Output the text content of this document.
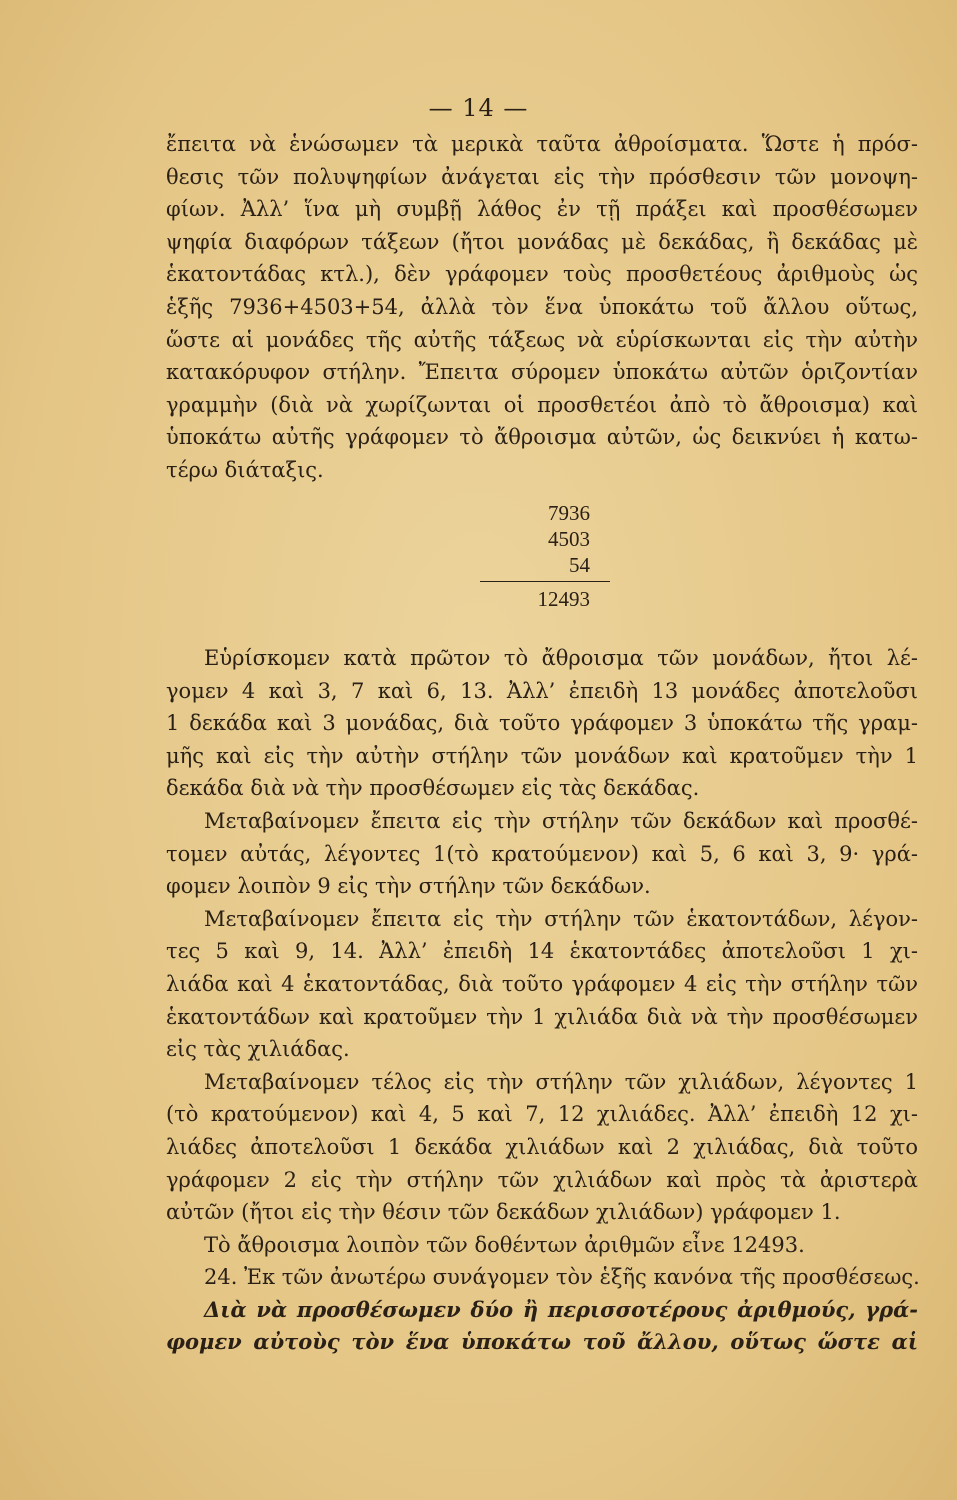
— 14 —
ἔπειτα νὰ ἑνώσωμεν τὰ μερικὰ ταῦτα ἀθροίσματα. Ὥστε ἡ πρόσ-
θεσις τῶν πολυψηφίων ἀνάγεται εἰς τὴν πρόσθεσιν τῶν μονοψη-
φίων. Ἀλλ’ ἵνα μὴ συμβῇ λάθος ἐν τῇ πράξει καὶ προσθέσωμεν
ψηφία διαφόρων τάξεων (ἤτοι μονάδας μὲ δεκάδας, ἢ δεκάδας μὲ
ἑκατοντάδας κτλ.), δὲν γράφομεν τοὺς προσθετέους ἀριθμοὺς ὡς
ἑξῆς 7936+4503+54, ἀλλὰ τὸν ἕνα ὑποκάτω τοῦ ἄλλου οὕτως,
ὥστε αἱ μονάδες τῆς αὐτῆς τάξεως νὰ εὑρίσκωνται εἰς τὴν αὐτὴν
κατακόρυφον στήλην. Ἔπειτα σύρομεν ὑποκάτω αὐτῶν ὁριζοντίαν
γραμμὴν (διὰ νὰ χωρίζωνται οἱ προσθετέοι ἀπὸ τὸ ἄθροισμα) καὶ
ὑποκάτω αὐτῆς γράφομεν τὸ ἄθροισμα αὐτῶν, ὡς δεικνύει ἡ κατω-
τέρω διάταξις.
7936
4503
54
12493
Εὑρίσκομεν κατὰ πρῶτον τὸ ἄθροισμα τῶν μονάδων, ἤτοι λέ-
γομεν 4 καὶ 3, 7 καὶ 6, 13. Ἀλλ’ ἐπειδὴ 13 μονάδες ἀποτελοῦσι
1 δεκάδα καὶ 3 μονάδας, διὰ τοῦτο γράφομεν 3 ὑποκάτω τῆς γραμ-
μῆς καὶ εἰς τὴν αὐτὴν στήλην τῶν μονάδων καὶ κρατοῦμεν τὴν 1
δεκάδα διὰ νὰ τὴν προσθέσωμεν εἰς τὰς δεκάδας.
Μεταβαίνομεν ἔπειτα εἰς τὴν στήλην τῶν δεκάδων καὶ προσθέ-
τομεν αὐτάς, λέγοντες 1(τὸ κρατούμενον) καὶ 5, 6 καὶ 3, 9· γρά-
φομεν λοιπὸν 9 εἰς τὴν στήλην τῶν δεκάδων.
Μεταβαίνομεν ἔπειτα εἰς τὴν στήλην τῶν ἑκατοντάδων, λέγον-
τες 5 καὶ 9, 14. Ἀλλ’ ἐπειδὴ 14 ἑκατοντάδες ἀποτελοῦσι 1 χι-
λιάδα καὶ 4 ἑκατοντάδας, διὰ τοῦτο γράφομεν 4 εἰς τὴν στήλην τῶν
ἑκατοντάδων καὶ κρατοῦμεν τὴν 1 χιλιάδα διὰ νὰ τὴν προσθέσωμεν
εἰς τὰς χιλιάδας.
Μεταβαίνομεν τέλος εἰς τὴν στήλην τῶν χιλιάδων, λέγοντες 1
(τὸ κρατούμενον) καὶ 4, 5 καὶ 7, 12 χιλιάδες. Ἀλλ’ ἐπειδὴ 12 χι-
λιάδες ἀποτελοῦσι 1 δεκάδα χιλιάδων καὶ 2 χιλιάδας, διὰ τοῦτο
γράφομεν 2 εἰς τὴν στήλην τῶν χιλιάδων καὶ πρὸς τὰ ἀριστερὰ
αὐτῶν (ἤτοι εἰς τὴν θέσιν τῶν δεκάδων χιλιάδων) γράφομεν 1.
Τὸ ἄθροισμα λοιπὸν τῶν δοθέντων ἀριθμῶν εἶνε 12493.
24. Ἐκ τῶν ἀνωτέρω συνάγομεν τὸν ἑξῆς κανόνα τῆς προσθέσεως.
Διὰ νὰ προσθέσωμεν δύο ἢ περισσοτέρους ἀριθμούς, γρά-
φομεν αὐτοὺς τὸν ἕνα ὑποκάτω τοῦ ἄλλου, οὕτως ὥστε αἱ
